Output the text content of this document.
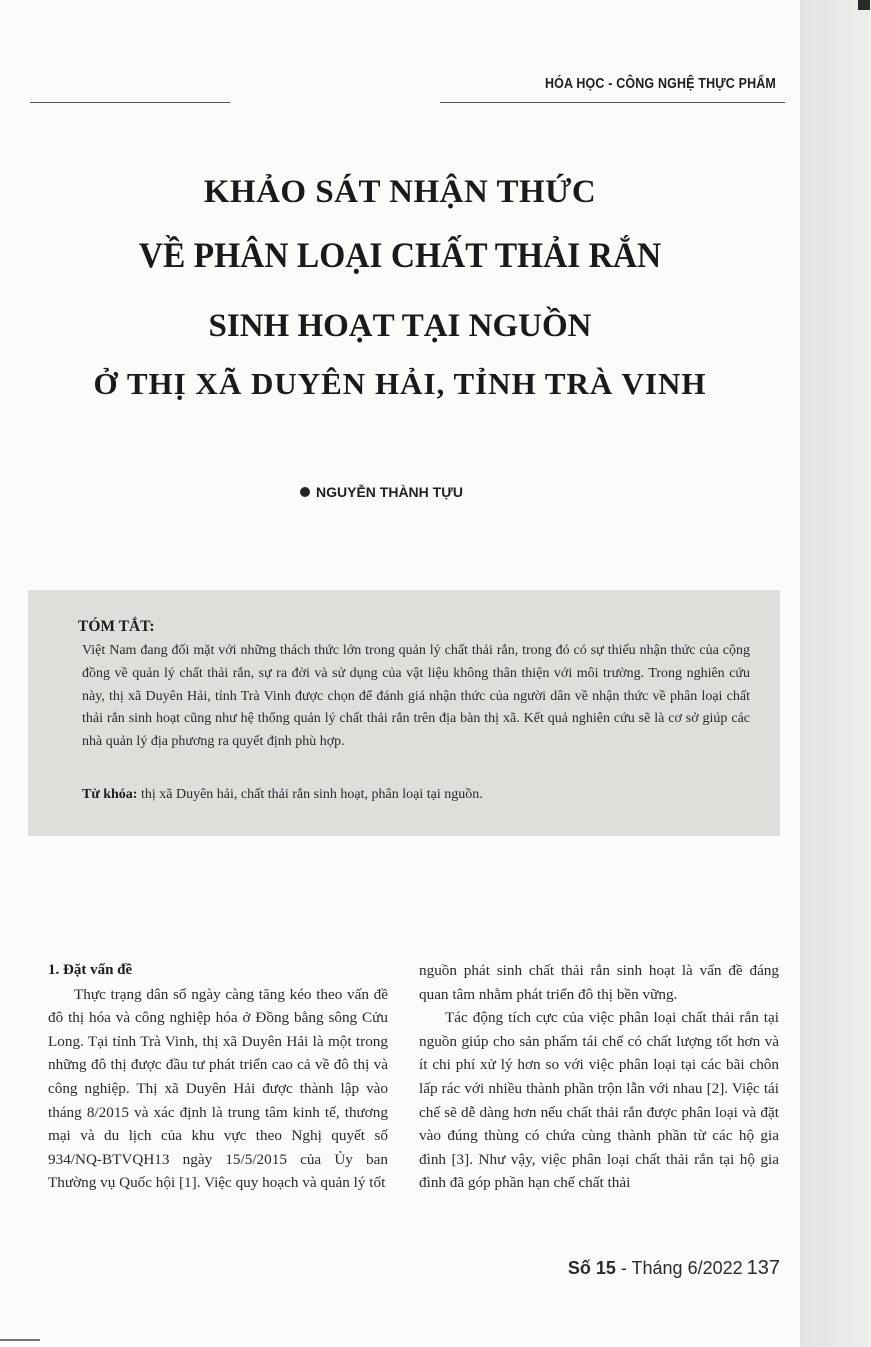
HÓA HỌC - CÔNG NGHỆ THỰC PHẨM
KHẢO SÁT NHẬN THỨC
VỀ PHÂN LOẠI CHẤT THẢI RẮN
SINH HOẠT TẠI NGUỒN
Ở THỊ XÃ DUYÊN HẢI, TỈNH TRÀ VINH
NGUYỄN THÀNH TỰU
TÓM TẮT:
Việt Nam đang đối mặt với những thách thức lớn trong quản lý chất thải rắn, trong đó có sự thiếu nhận thức của cộng đồng về quản lý chất thải rắn, sự ra đời và sử dụng của vật liệu không thân thiện với môi trường. Trong nghiên cứu này, thị xã Duyên Hải, tỉnh Trà Vinh được chọn để đánh giá nhận thức của người dân về nhận thức về phân loại chất thải rắn sinh hoạt cũng như hệ thống quản lý chất thải rắn trên địa bàn thị xã. Kết quả nghiên cứu sẽ là cơ sở giúp các nhà quản lý địa phương ra quyết định phù hợp.
Từ khóa: thị xã Duyên hải, chất thải rắn sinh hoạt, phân loại tại nguồn.

1. Đặt vấn đề

Thực trạng dân số ngày càng tăng kéo theo vấn đề đô thị hóa và công nghiệp hóa ở Đồng bằng sông Cửu Long. Tại tỉnh Trà Vinh, thị xã Duyên Hải là một trong những đô thị được đầu tư phát triển cao cả về đô thị và công nghiệp. Thị xã Duyên Hải được thành lập vào tháng 8/2015 và xác định là trung tâm kinh tế, thương mại và du lịch của khu vực theo Nghị quyết số 934/NQ-BTVQH13 ngày 15/5/2015 của Ủy ban Thường vụ Quốc hội [1]. Việc quy hoạch và quản lý tốt

nguồn phát sinh chất thải rắn sinh hoạt là vấn đề đáng quan tâm nhằm phát triển đô thị bền vững.

Tác động tích cực của việc phân loại chất thải rắn tại nguồn giúp cho sản phẩm tái chế có chất lượng tốt hơn và ít chi phí xử lý hơn so với việc phân loại tại các bãi chôn lấp rác với nhiều thành phần trộn lẫn với nhau [2]. Việc tái chế sẽ dễ dàng hơn nếu chất thải rắn được phân loại và đặt vào đúng thùng có chứa cùng thành phần từ các hộ gia đình [3]. Như vậy, việc phân loại chất thải rắn tại hộ gia đình đã góp phần hạn chế chất thải

Số 15 - Tháng 6/2022 137
